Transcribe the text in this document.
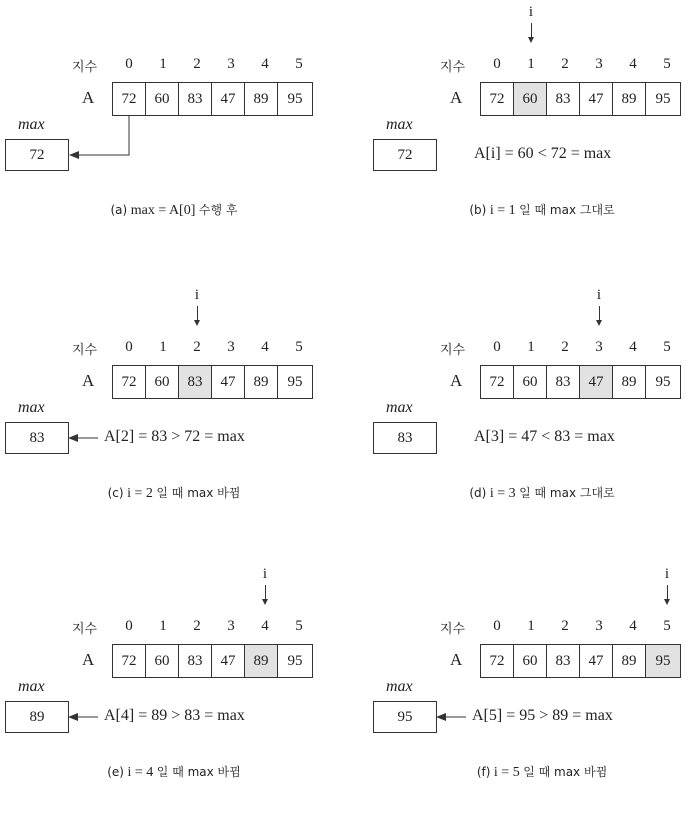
지수	0	1	2	3	4	5
A	72	60	83	47	89	95
max
72
(a) max = A[0] 수행 후
i
지수	0	1	2	3	4	5
A	72	60	83	47	89	95
max
72	A[i] = 60 < 72 = max
(b) i = 1 일 때 max 그대로
i
지수	0	1	2	3	4	5
A	72	60	83	47	89	95
max
83	A[2] = 83 > 72 = max
(c) i = 2 일 때 max 바뀜
i
지수	0	1	2	3	4	5
A	72	60	83	47	89	95
max
83	A[3] = 47 < 83 = max
(d) i = 3 일 때 max 그대로
i
지수	0	1	2	3	4	5
A	72	60	83	47	89	95
max
89	A[4] = 89 > 83 = max
(e) i = 4 일 때 max 바뀜
i
지수	0	1	2	3	4	5
A	72	60	83	47	89	95
max
95	A[5] = 95 > 89 = max
(f) i = 5 일 때 max 바뀜
